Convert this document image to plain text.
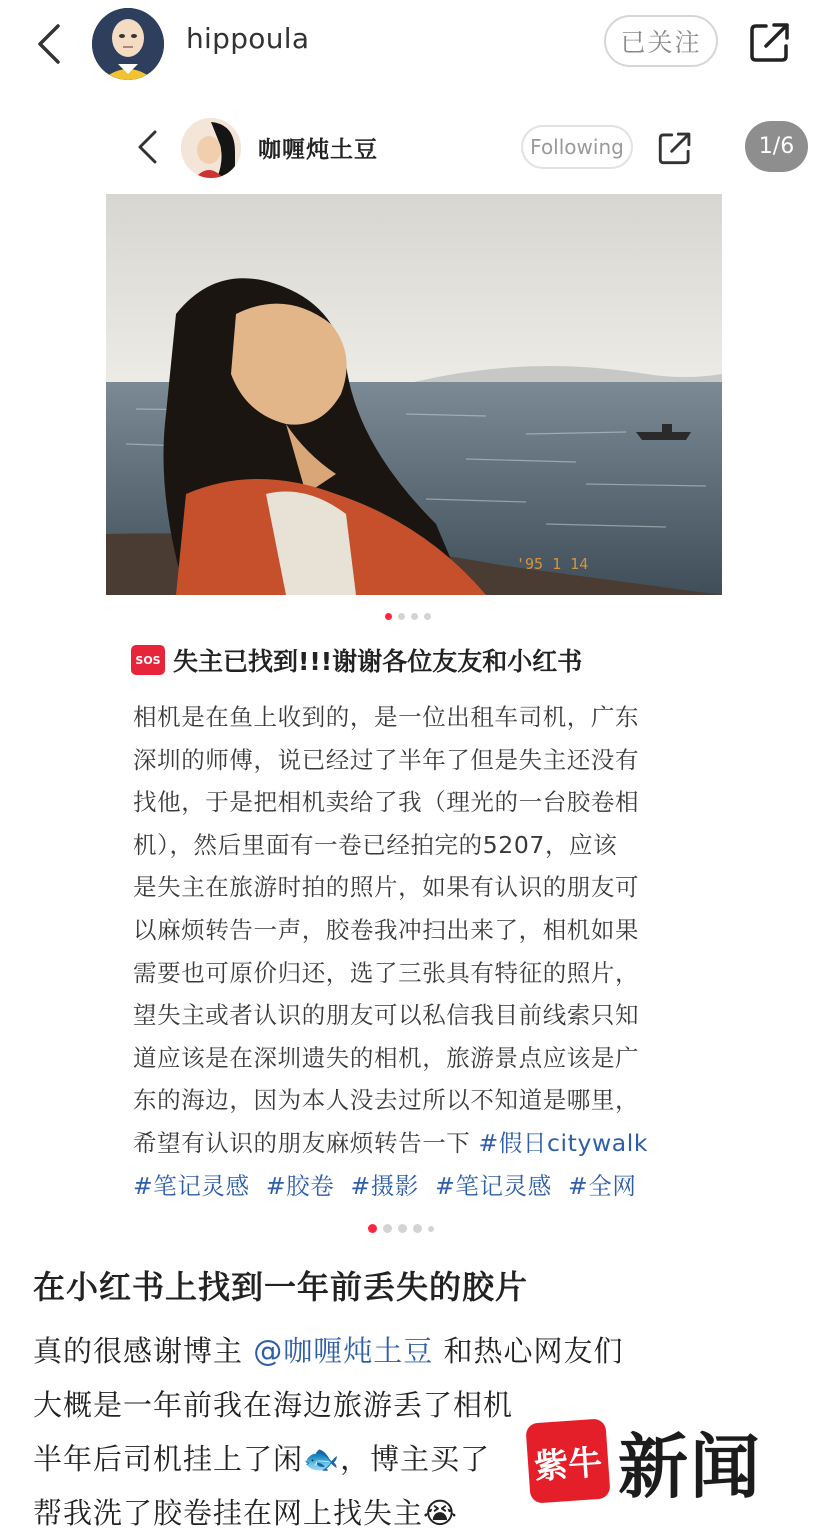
hippoula	已关注
咖喱炖土豆	Following	1/6
'95 1 14
SOS 失主已找到!!!谢谢各位友友和小红书

相机是在鱼上收到的，是一位出租车司机，广东

深圳的师傅，说已经过了半年了但是失主还没有

找他，于是把相机卖给了我（理光的一台胶卷相

机），然后里面有一卷已经拍完的5207，应该

是失主在旅游时拍的照片，如果有认识的朋友可

以麻烦转告一声，胶卷我冲扫出来了，相机如果

需要也可原价归还，选了三张具有特征的照片，

望失主或者认识的朋友可以私信我目前线索只知

道应该是在深圳遗失的相机，旅游景点应该是广

东的海边，因为本人没去过所以不知道是哪里，

希望有认识的朋友麻烦转告一下 #假日citywalk

#笔记灵感 #胶卷 #摄影 #笔记灵感 #全网

在小红书上找到一年前丢失的胶片

真的很感谢博主 @咖喱炖土豆 和热心网友们

大概是一年前我在海边旅游丢了相机

半年后司机挂上了闲🐟，博主买了

帮我洗了胶卷挂在网上找失主😭

紫牛 新闻
